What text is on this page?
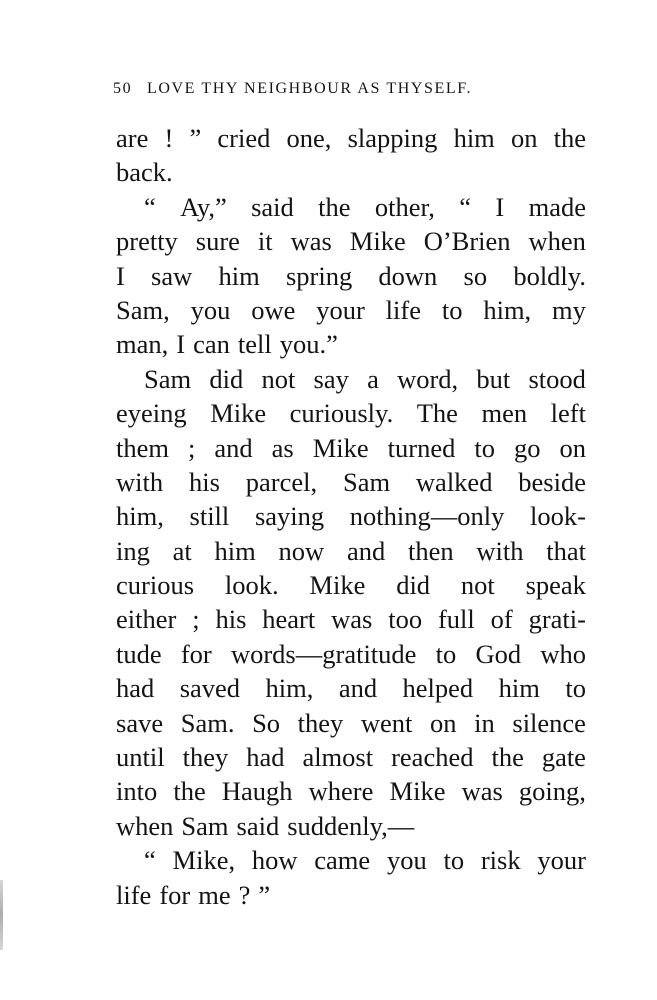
50 LOVE THY NEIGHBOUR AS THYSELF.
are ! ” cried one, slapping him on the
back.
“ Ay,” said the other, “ I made
pretty sure it was Mike O’Brien when
I saw him spring down so boldly.
Sam, you owe your life to him, my
man, I can tell you.”
Sam did not say a word, but stood
eyeing Mike curiously. The men left
them ; and as Mike turned to go on
with his parcel, Sam walked beside
him, still saying nothing—only look-
ing at him now and then with that
curious look. Mike did not speak
either ; his heart was too full of grati-
tude for words—gratitude to God who
had saved him, and helped him to
save Sam. So they went on in silence
until they had almost reached the gate
into the Haugh where Mike was going,
when Sam said suddenly,—
“ Mike, how came you to risk your
life for me ? ”
